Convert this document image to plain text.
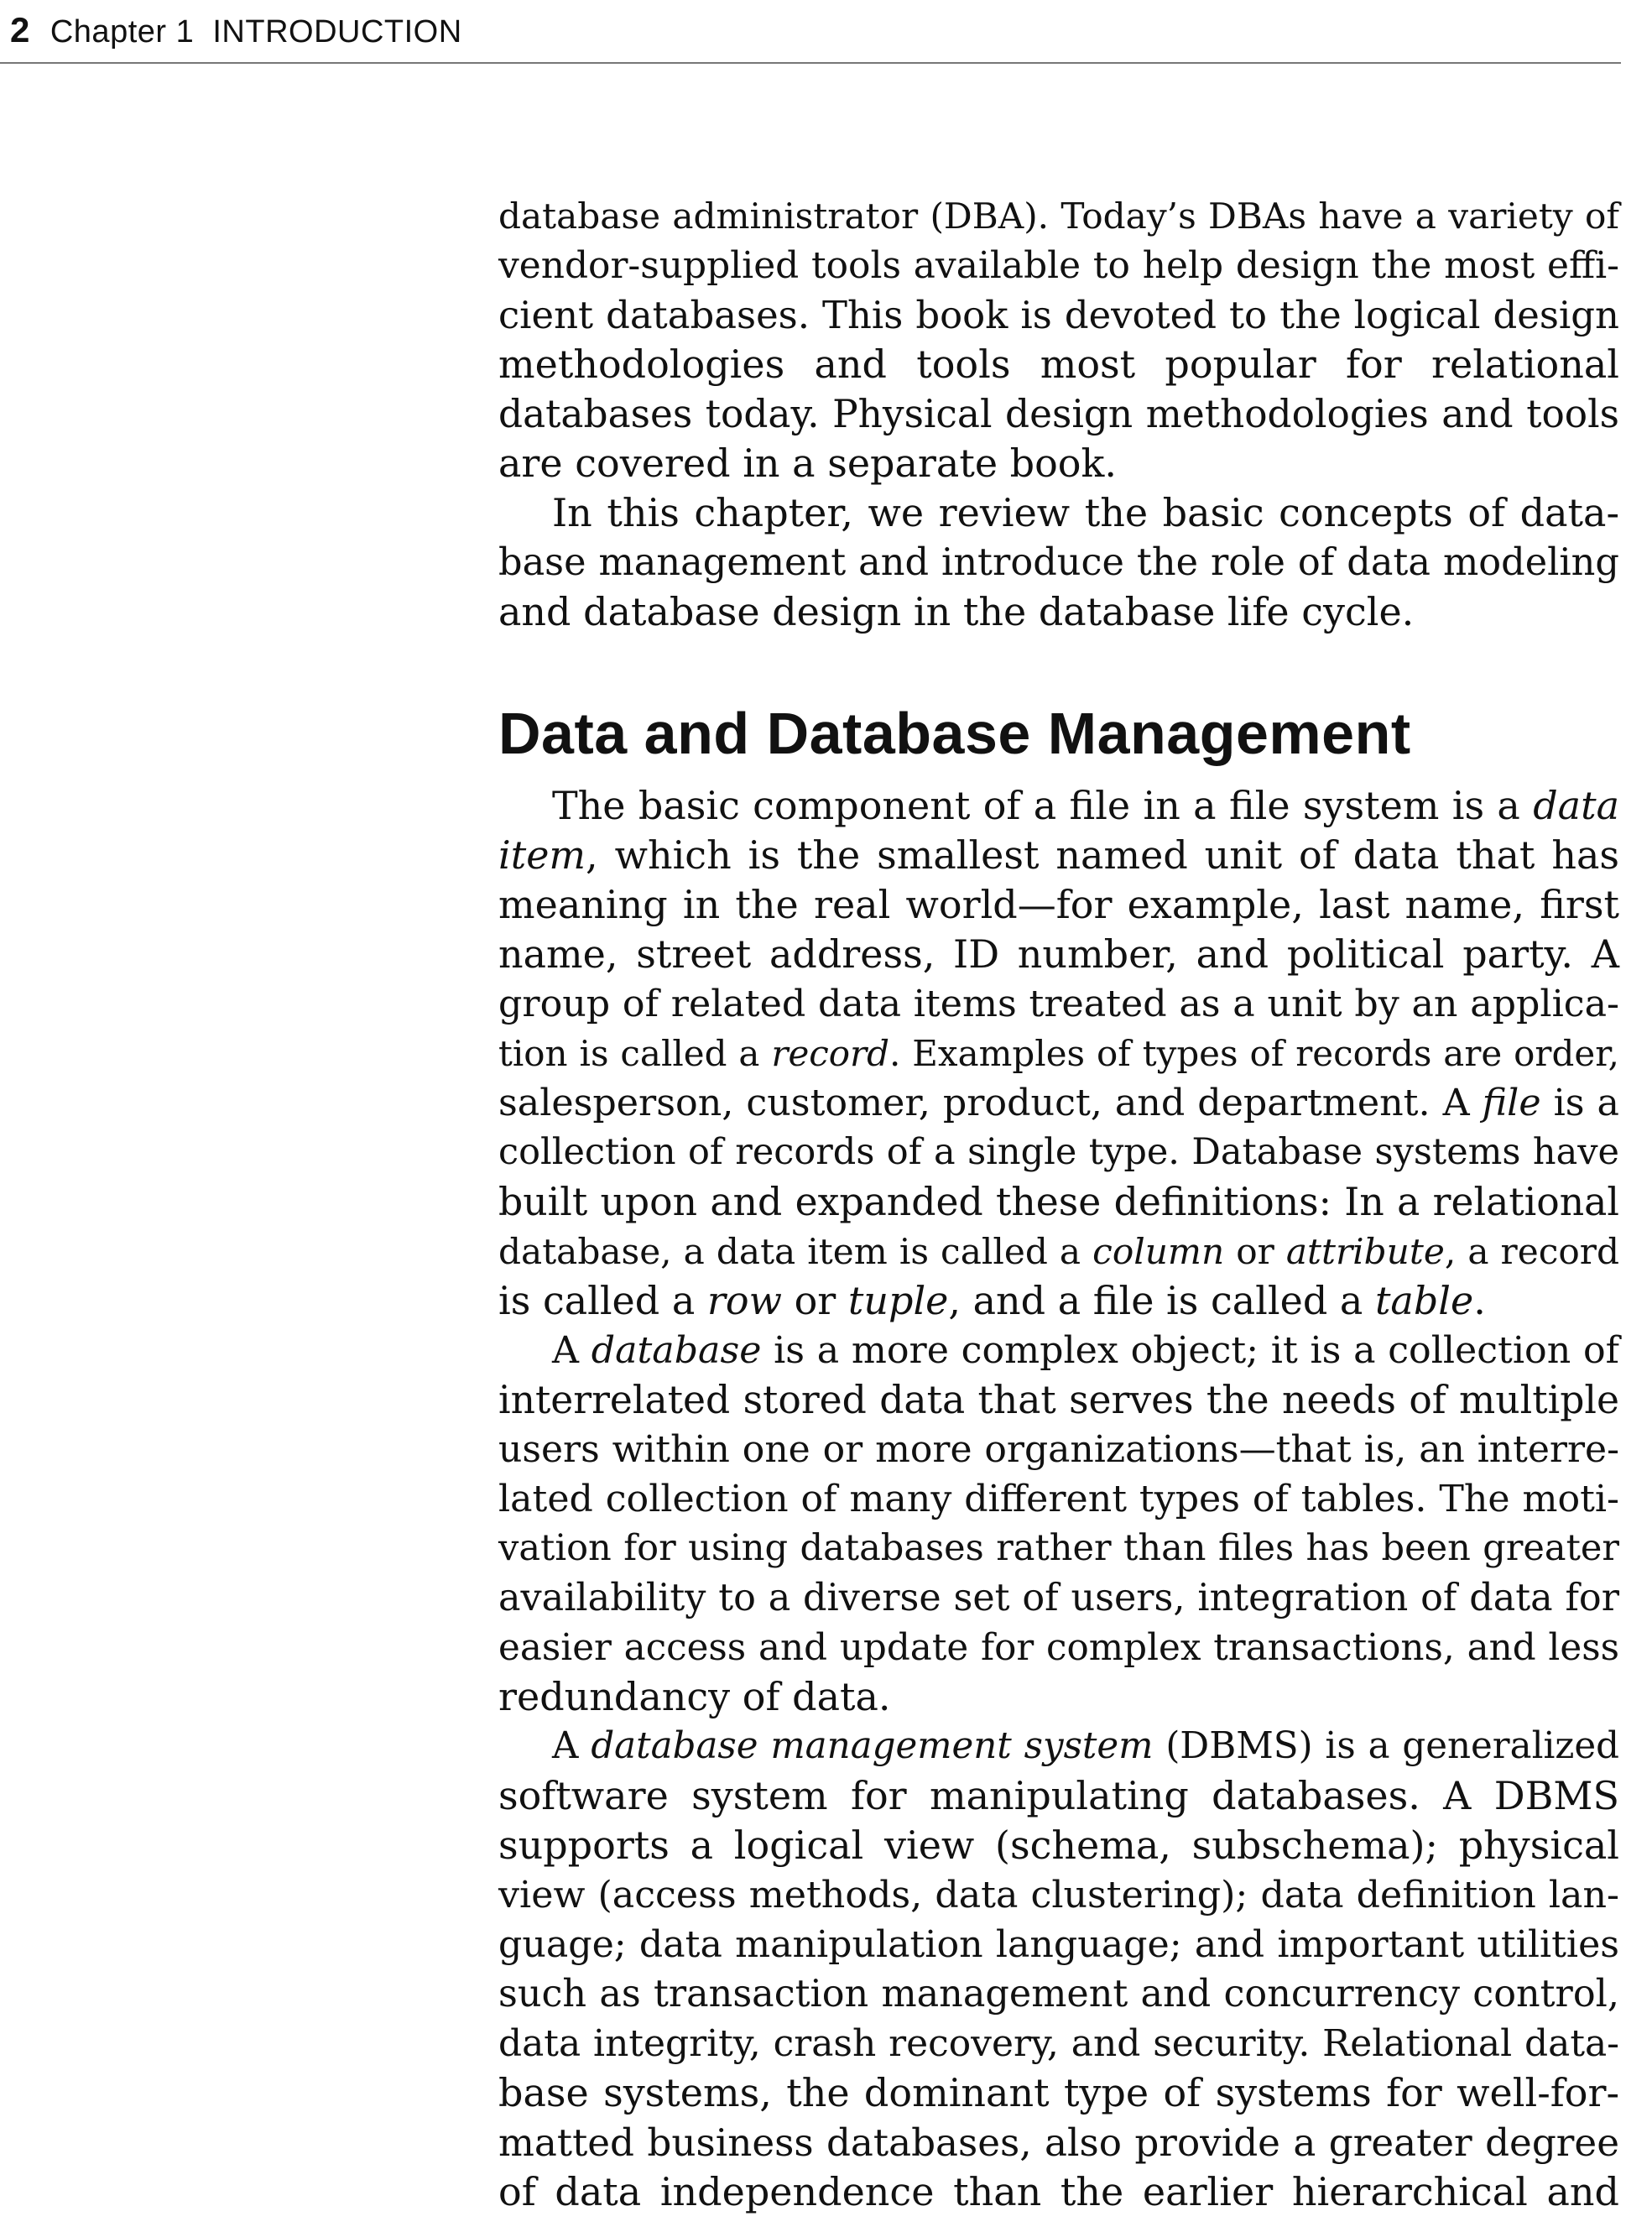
2 Chapter 1 INTRODUCTION
database administrator (DBA). Today’s DBAs have a variety of
vendor-supplied tools available to help design the most effi-
cient databases. This book is devoted to the logical design
methodologies and tools most popular for relational
databases today. Physical design methodologies and tools
are covered in a separate book.
In this chapter, we review the basic concepts of data-
base management and introduce the role of data modeling
and database design in the database life cycle.
Data and Database Management
The basic component of a file in a file system is a data
item, which is the smallest named unit of data that has
meaning in the real world—for example, last name, first
name, street address, ID number, and political party. A
group of related data items treated as a unit by an applica-
tion is called a record. Examples of types of records are order,
salesperson, customer, product, and department. A file is a
collection of records of a single type. Database systems have
built upon and expanded these definitions: In a relational
database, a data item is called a column or attribute, a record
is called a row or tuple, and a file is called a table.
A database is a more complex object; it is a collection of
interrelated stored data that serves the needs of multiple
users within one or more organizations—that is, an interre-
lated collection of many different types of tables. The moti-
vation for using databases rather than files has been greater
availability to a diverse set of users, integration of data for
easier access and update for complex transactions, and less
redundancy of data.
A database management system (DBMS) is a generalized
software system for manipulating databases. A DBMS
supports a logical view (schema, subschema); physical
view (access methods, data clustering); data definition lan-
guage; data manipulation language; and important utilities
such as transaction management and concurrency control,
data integrity, crash recovery, and security. Relational data-
base systems, the dominant type of systems for well-for-
matted business databases, also provide a greater degree
of data independence than the earlier hierarchical and
